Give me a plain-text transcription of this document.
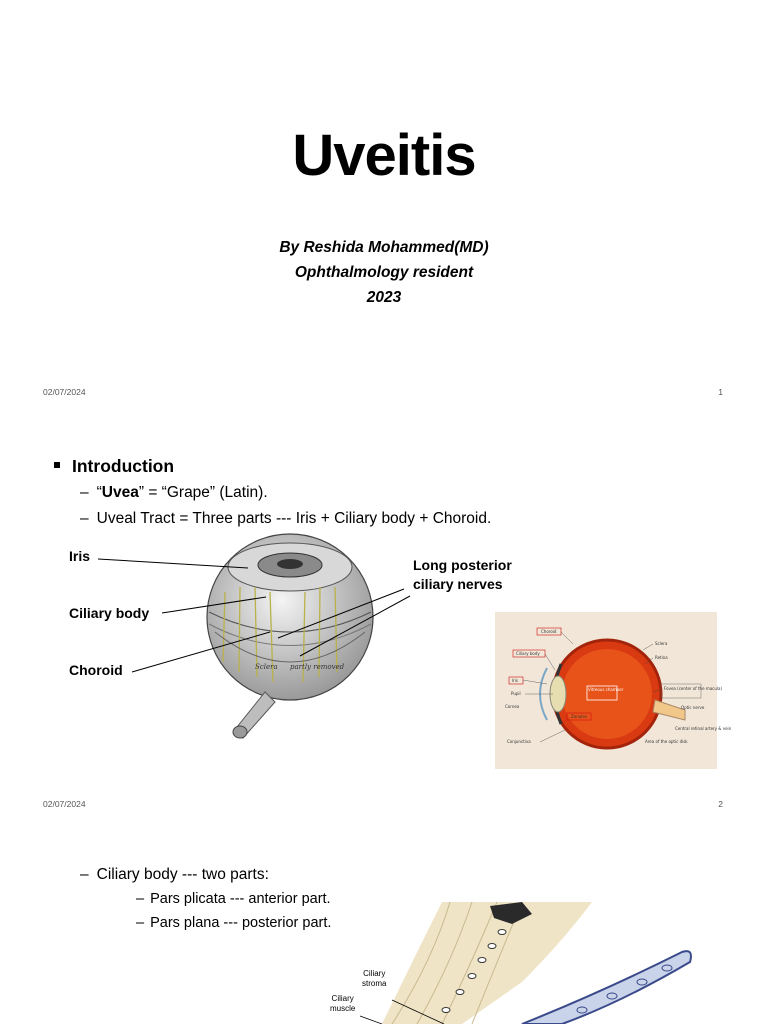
Uveitis
By Reshida Mohammed(MD)
Ophthalmology resident
2023
02/07/2024	1
Introduction
– “Uvea” = “Grape” (Latin).
– Uveal Tract = Three parts --- Iris + Ciliary body + Choroid.
Sclera partly removed
Iris
Ciliary body
Choroid
Long posterior
ciliary nerves
Choroid
Ciliary body
Iris
Pupil
Cornea
Conjunctiva
Zonules
Vitreous chamber
Sclera
Retina
Fovea (center of the macula)
Optic nerve
Central retinal artery & vein
Area of the optic disk
02/07/2024	2
– Ciliary body --- two parts:
– Pars plicata --- anterior part.
– Pars plana --- posterior part.
Ciliary
stroma
Ciliary
muscle
